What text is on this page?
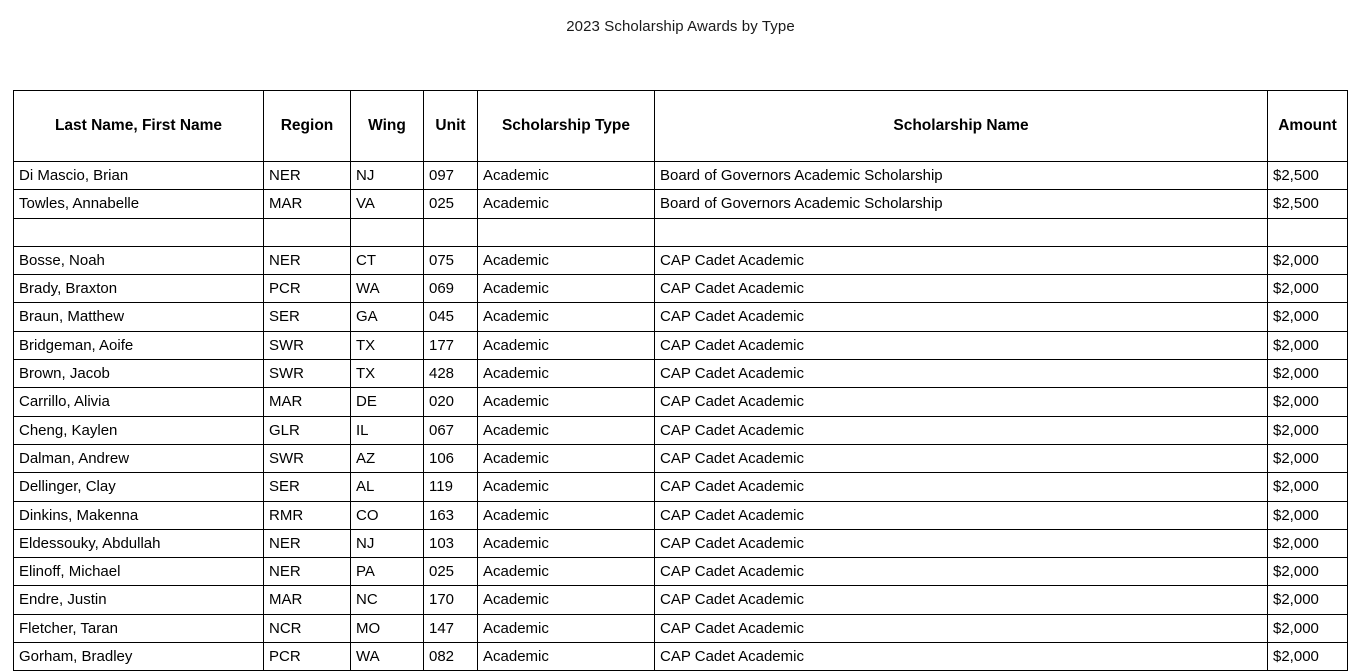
2023 Scholarship Awards by Type
Last Name, First Name	Region	Wing	Unit	Scholarship Type	Scholarship Name	Amount
Di Mascio, Brian	NER	NJ	097	Academic	Board of Governors Academic Scholarship	$2,500
Towles, Annabelle	MAR	VA	025	Academic	Board of Governors Academic Scholarship	$2,500

Bosse, Noah	NER	CT	075	Academic	CAP Cadet Academic	$2,000
Brady, Braxton	PCR	WA	069	Academic	CAP Cadet Academic	$2,000
Braun, Matthew	SER	GA	045	Academic	CAP Cadet Academic	$2,000
Bridgeman, Aoife	SWR	TX	177	Academic	CAP Cadet Academic	$2,000
Brown, Jacob	SWR	TX	428	Academic	CAP Cadet Academic	$2,000
Carrillo, Alivia	MAR	DE	020	Academic	CAP Cadet Academic	$2,000
Cheng, Kaylen	GLR	IL	067	Academic	CAP Cadet Academic	$2,000
Dalman, Andrew	SWR	AZ	106	Academic	CAP Cadet Academic	$2,000
Dellinger, Clay	SER	AL	119	Academic	CAP Cadet Academic	$2,000
Dinkins, Makenna	RMR	CO	163	Academic	CAP Cadet Academic	$2,000
Eldessouky, Abdullah	NER	NJ	103	Academic	CAP Cadet Academic	$2,000
Elinoff, Michael	NER	PA	025	Academic	CAP Cadet Academic	$2,000
Endre, Justin	MAR	NC	170	Academic	CAP Cadet Academic	$2,000
Fletcher, Taran	NCR	MO	147	Academic	CAP Cadet Academic	$2,000
Gorham, Bradley	PCR	WA	082	Academic	CAP Cadet Academic	$2,000
